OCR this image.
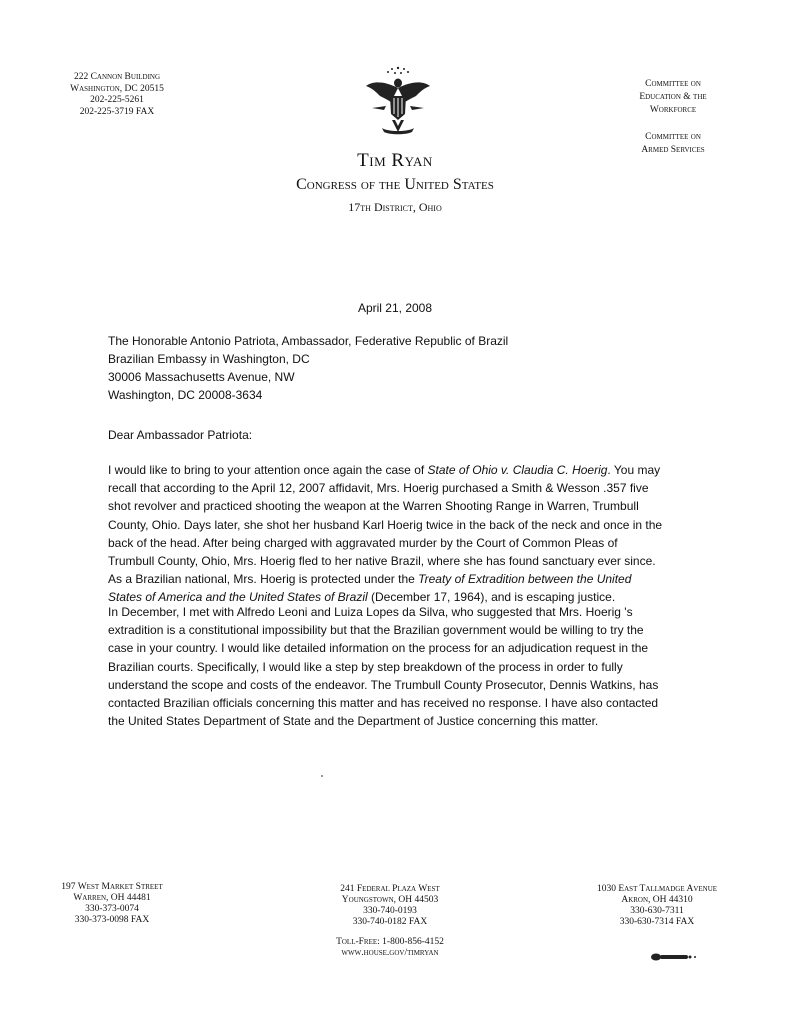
222 Cannon Building
Washington, DC 20515
202-225-5261
202-225-3719 FAX
Committee on
Education & the
Workforce
Committee on
Armed Services
Tim Ryan
Congress of the United States
17th District, Ohio
April 21, 2008
The Honorable Antonio Patriota, Ambassador, Federative Republic of Brazil
Brazilian Embassy in Washington, DC
30006 Massachusetts Avenue, NW
Washington, DC 20008-3634
Dear Ambassador Patriota:
I would like to bring to your attention once again the case of State of Ohio v. Claudia C. Hoerig. You may
recall that according to the April 12, 2007 affidavit, Mrs. Hoerig purchased a Smith & Wesson .357 five
shot revolver and practiced shooting the weapon at the Warren Shooting Range in Warren, Trumbull
County, Ohio. Days later, she shot her husband Karl Hoerig twice in the back of the neck and once in the
back of the head. After being charged with aggravated murder by the Court of Common Pleas of
Trumbull County, Ohio, Mrs. Hoerig fled to her native Brazil, where she has found sanctuary ever since.
As a Brazilian national, Mrs. Hoerig is protected under the Treaty of Extradition between the United
States of America and the United States of Brazil (December 17, 1964), and is escaping justice.
In December, I met with Alfredo Leoni and Luiza Lopes da Silva, who suggested that Mrs. Hoerig 's
extradition is a constitutional impossibility but that the Brazilian government would be willing to try the
case in your country. I would like detailed information on the process for an adjudication request in the
Brazilian courts. Specifically, I would like a step by step breakdown of the process in order to fully
understand the scope and costs of the endeavor. The Trumbull County Prosecutor, Dennis Watkins, has
contacted Brazilian officials concerning this matter and has received no response. I have also contacted
the United States Department of State and the Department of Justice concerning this matter.
197 West Market Street
Warren, OH 44481
330-373-0074
330-373-0098 FAX
241 Federal Plaza West
Youngstown, OH 44503
330-740-0193
330-740-0182 FAX
Toll-Free: 1-800-856-4152
www.house.gov/timryan
1030 East Tallmadge Avenue
Akron, OH 44310
330-630-7311
330-630-7314 FAX
